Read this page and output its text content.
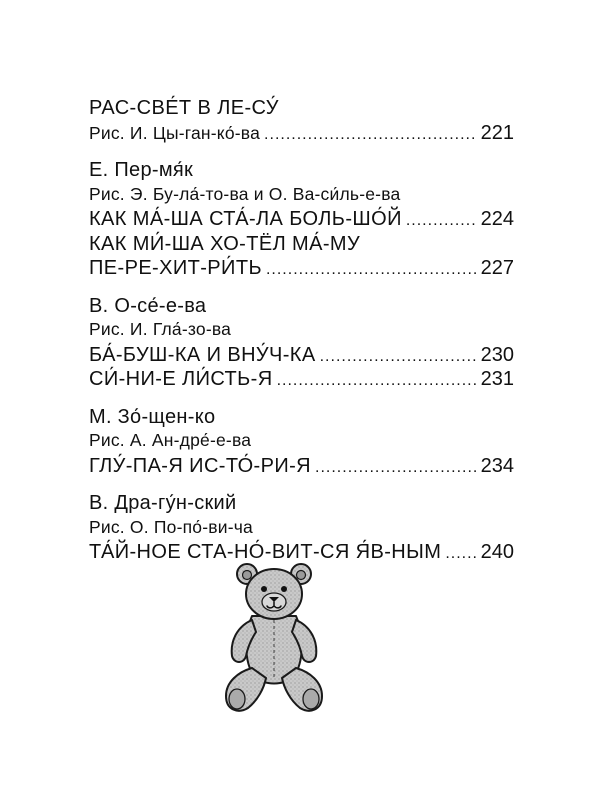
РАС-СВЕ́Т В ЛЕ-СУ́
Рис. И. Цы-ган-ко́-ва .....	221
Е. Пер-мя́к
Рис. Э. Бу-ла́-то-ва и О. Ва-си́ль-е-ва
КАК МА́-ША СТА́-ЛА БОЛЬ-ШО́Й .....	224
КАК МИ́-ША ХО-ТЁЛ МА́-МУ
ПЕ-РЕ-ХИТ-РИ́ТЬ .....	227
В. О-се́-е-ва
Рис. И. Гла́-зо-ва
БА́-БУШ-КА И ВНУ́Ч-КА .....	230
СИ́-НИ-Е ЛИ́СТЬ-Я .....	231
М. Зо́-щен-ко
Рис. А. Ан-дре́-е-ва
ГЛУ́-ПА-Я ИС-ТО́-РИ-Я .....	234
В. Дра-гу́н-ский
Рис. О. По-по́-ви-ча
ТА́Й-НОЕ СТА-НО́-ВИТ-СЯ Я́В-НЫМ ..... 240
